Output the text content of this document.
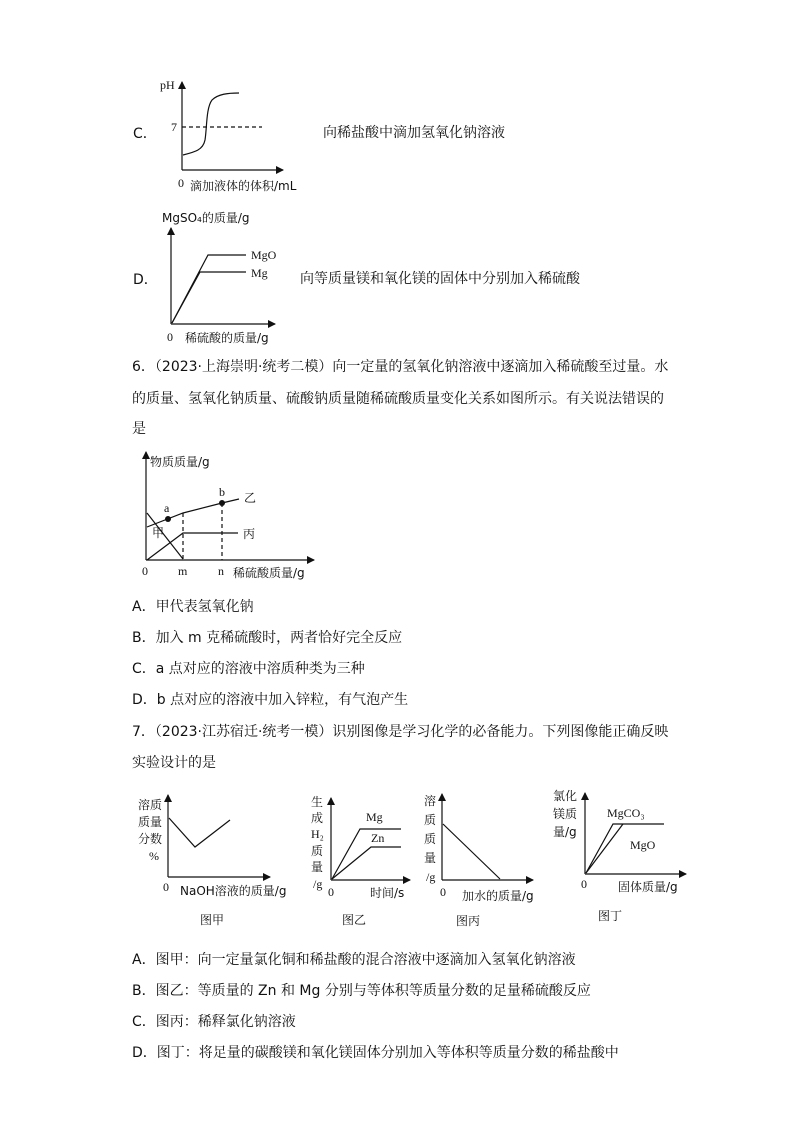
C．	向稀盐酸中滴加氢氧化钠溶液
D．	向等质量镁和氧化镁的固体中分别加入稀硫酸
6．（2023·上海崇明·统考二模）向一定量的氢氧化钠溶液中逐滴加入稀硫酸至过量。水
的质量、氢氧化钠质量、硫酸钠质量随稀硫酸质量变化关系如图所示。有关说法错误的
是
A．甲代表氢氧化钠
B．加入 m 克稀硫酸时，两者恰好完全反应
C．a 点对应的溶液中溶质种类为三种
D．b 点对应的溶液中加入锌粒，有气泡产生
7．（2023·江苏宿迁·统考一模）识别图像是学习化学的必备能力。下列图像能正确反映
实验设计的是
A．图甲：向一定量氯化铜和稀盐酸的混合溶液中逐滴加入氢氧化钠溶液
B．图乙：等质量的 Zn 和 Mg 分别与等体积等质量分数的足量稀硫酸反应
C．图丙：稀释氯化钠溶液
D．图丁：将足量的碳酸镁和氧化镁固体分别加入等体积等质量分数的稀盐酸中
pH
7
0 滴加液体的体积/mL
MgSO₄的质量/g
MgO
Mg
0 稀硫酸的质量/g
物质质量/g
a
b 乙
丙
甲
0	m	n 稀硫酸质量/g
溶质
质量
分数
%
0 NaOH溶液的质量/g
图甲
生
成
H₂
质
量
/g
Mg
Zn
0	时间/s
图乙
溶
质
质
量
/g
0 加水的质量/g
图丙
氯化
镁质
量/g
MgCO₃
MgO
0	固体质量/g
图丁
